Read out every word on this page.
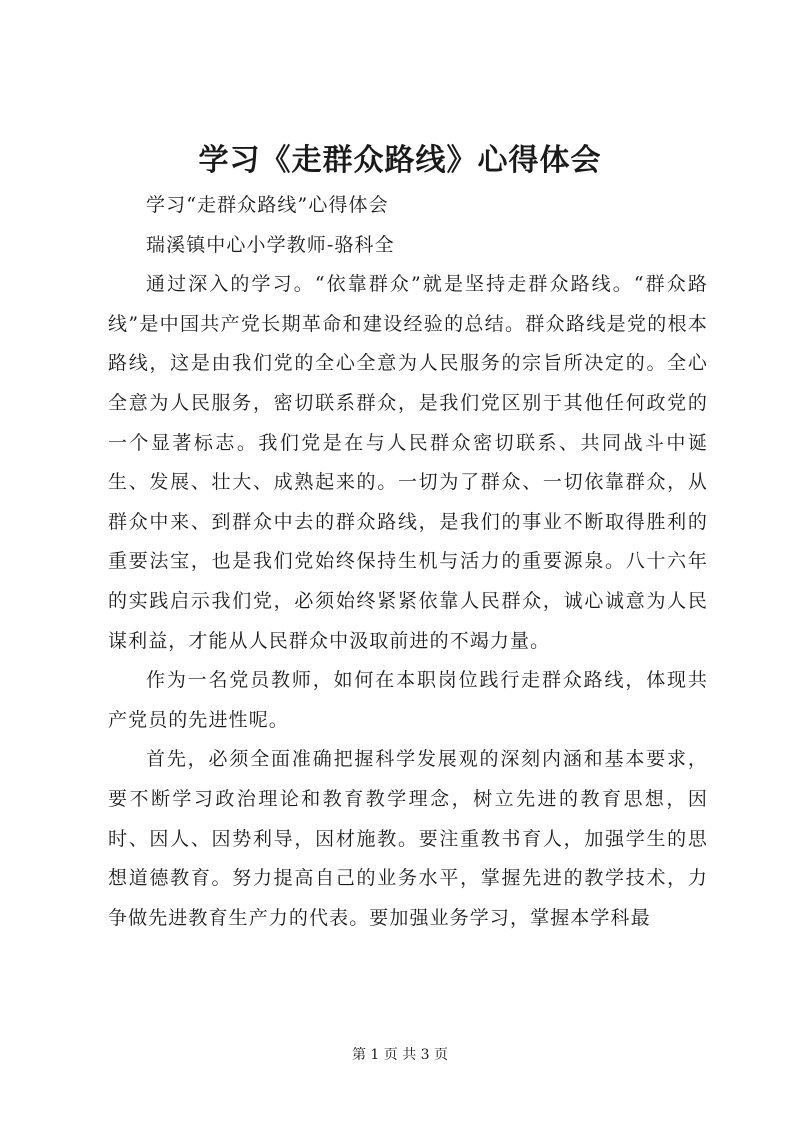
学习《走群众路线》心得体会

学习“走群众路线”心得体会

瑞溪镇中心小学教师-骆科全

通过深入的学习。“依靠群众”就是坚持走群众路线。“群众路线”是中国共产党长期革命和建设经验的总结。群众路线是党的根本路线，这是由我们党的全心全意为人民服务的宗旨所决定的。全心全意为人民服务，密切联系群众，是我们党区别于其他任何政党的一个显著标志。我们党是在与人民群众密切联系、共同战斗中诞生、发展、壮大、成熟起来的。一切为了群众、一切依靠群众，从群众中来、到群众中去的群众路线，是我们的事业不断取得胜利的重要法宝，也是我们党始终保持生机与活力的重要源泉。八十六年的实践启示我们党，必须始终紧紧依靠人民群众，诚心诚意为人民谋利益，才能从人民群众中汲取前进的不竭力量。

作为一名党员教师，如何在本职岗位践行走群众路线，体现共产党员的先进性呢。

首先，必须全面准确把握科学发展观的深刻内涵和基本要求，要不断学习政治理论和教育教学理念，树立先进的教育思想，因时、因人、因势利导，因材施教。要注重教书育人，加强学生的思想道德教育。努力提高自己的业务水平，掌握先进的教学技术，力争做先进教育生产力的代表。要加强业务学习，掌握本学科最

第 1 页 共 3 页
